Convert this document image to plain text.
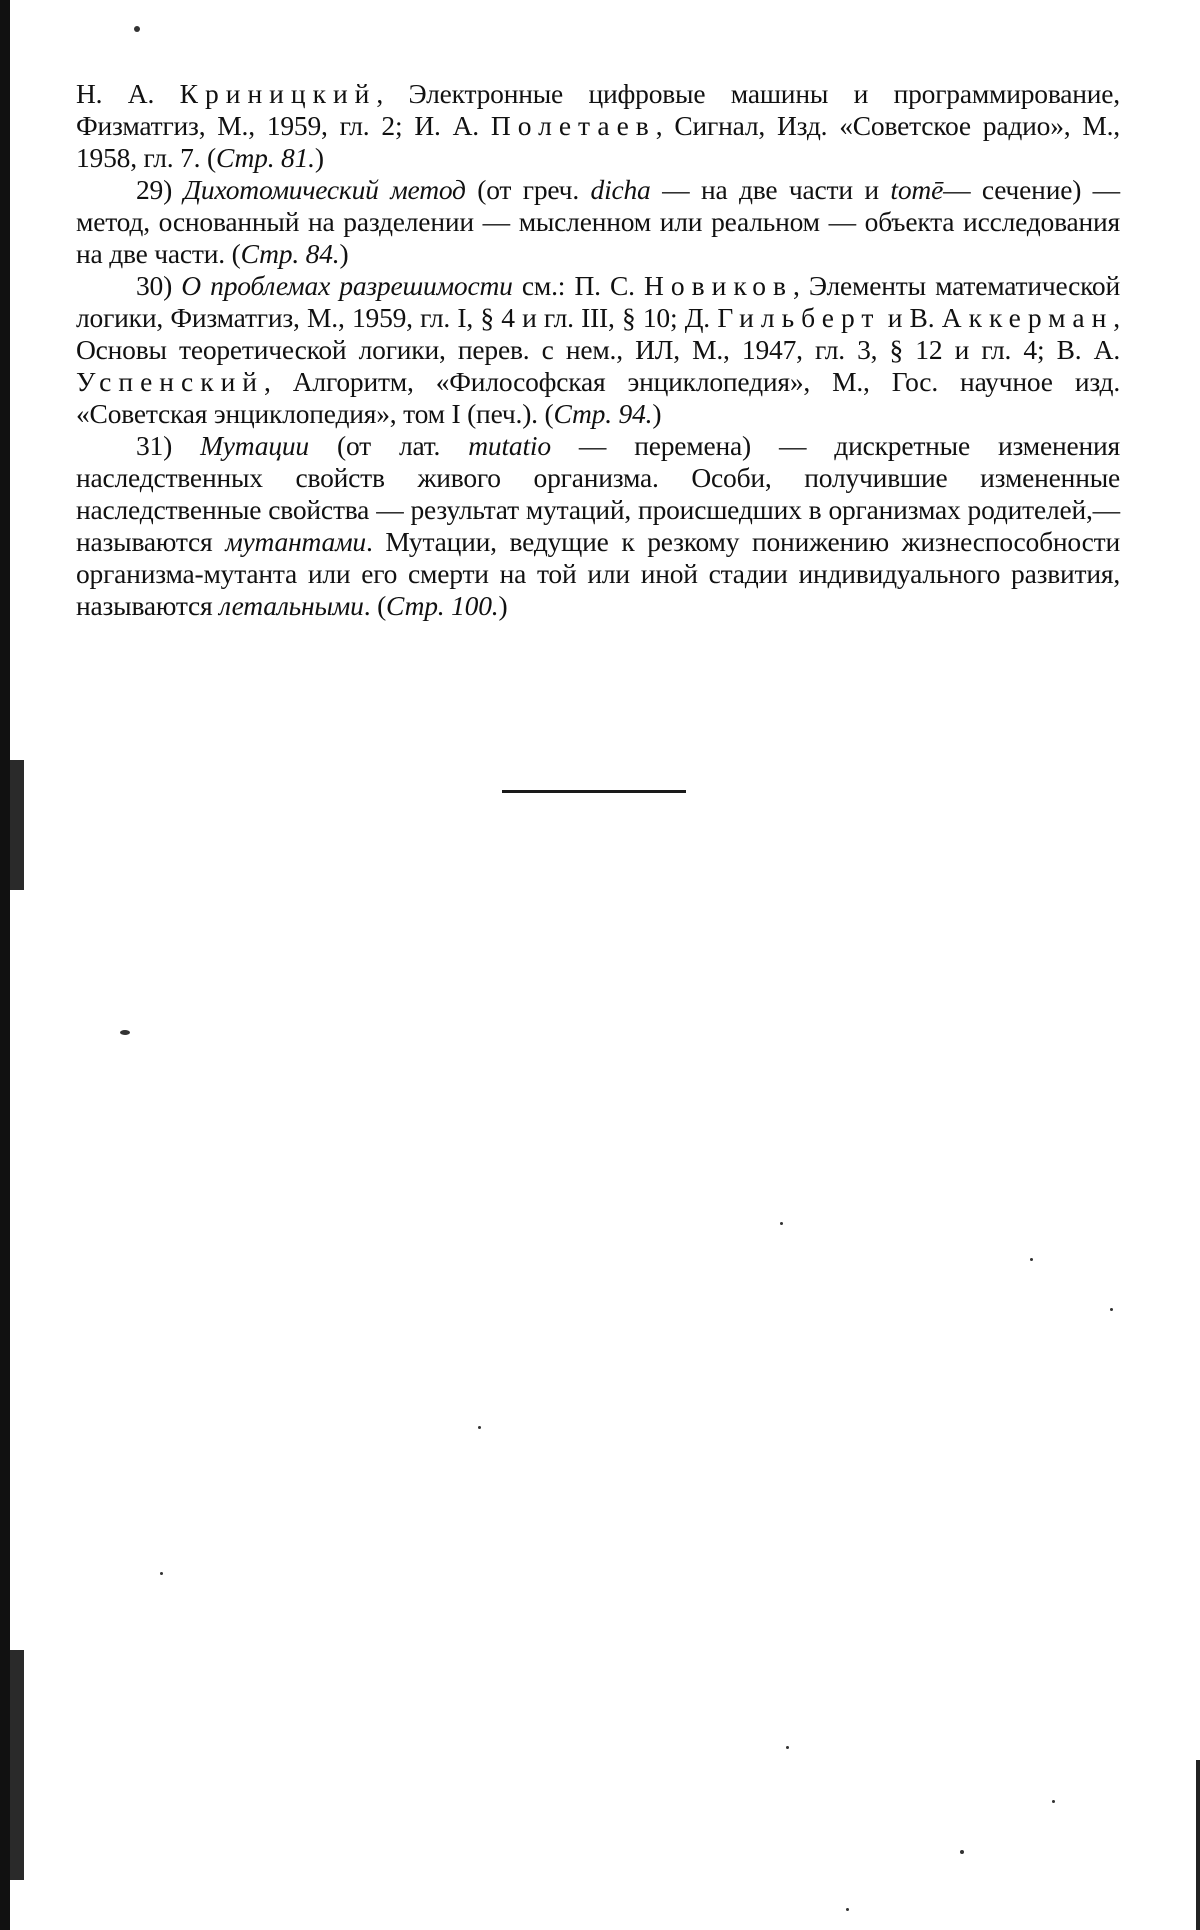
Н. А. Криницкий, Электронные цифровые машины и программирование, Физматгиз, М., 1959, гл. 2; И. А. Полетаев, Сигнал, Изд. «Советское радио», М., 1958, гл. 7. (Стр. 81.)

29) Дихотомический метод (от греч. dicha — на две части и tomē— сечение) — метод, основанный на разделении — мысленном или реальном — объекта исследования на две части. (Стр. 84.)

30) О проблемах разрешимости см.: П. С. Новиков, Элементы математической логики, Физматгиз, М., 1959, гл. I, § 4 и гл. III, § 10; Д. Гильберт и В. Аккерман, Основы теоретической логики, перев. с нем., ИЛ, М., 1947, гл. 3, § 12 и гл. 4; В. А. Успенский, Алгоритм, «Философская энциклопедия», М., Гос. научное изд. «Советская энциклопедия», том I (печ.). (Стр. 94.)

31) Мутации (от лат. mutatio — перемена) — дискретные изменения наследственных свойств живого организма. Особи, получившие измененные наследственные свойства — результат мутаций, происшедших в организмах родителей,— называются мутантами. Мутации, ведущие к резкому понижению жизнеспособности организма-мутанта или его смерти на той или иной стадии индивидуального развития, называются летальными. (Стр. 100.)
